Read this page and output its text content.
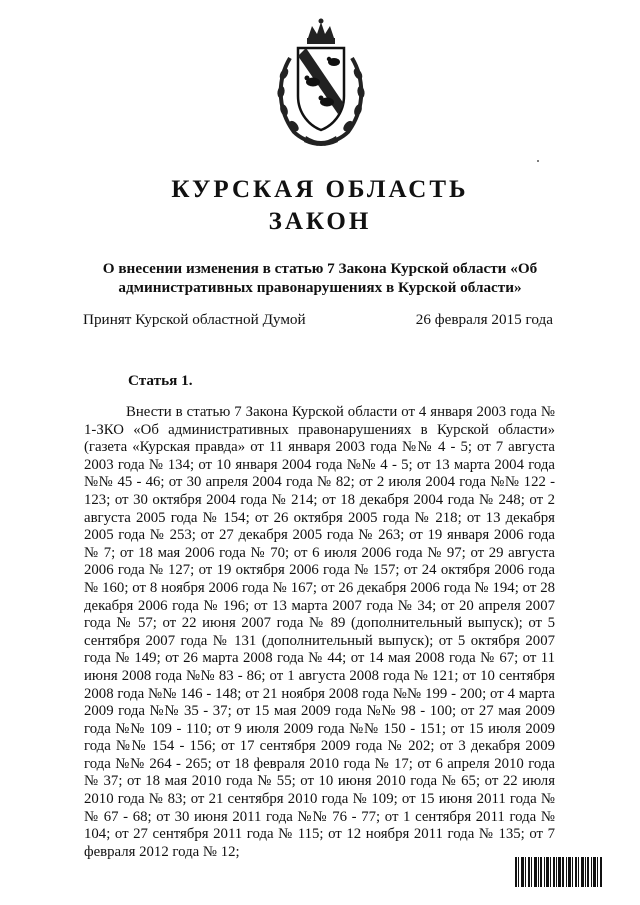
КУРСКАЯ ОБЛАСТЬ
ЗАКОН

О внесении изменения в статью 7 Закона Курской области «Об административных правонарушениях в Курской области»

Принят Курской областной Думой	26 февраля 2015 года
Статья 1.

Внести в статью 7 Закона Курской области от 4 января 2003 года № 1-ЗКО «Об административных правонарушениях в Курской области» (газета «Курская правда» от 11 января 2003 года №№ 4 - 5; от 7 августа 2003 года № 134; от 10 января 2004 года №№ 4 - 5; от 13 марта 2004 года №№ 45 - 46; от 30 апреля 2004 года № 82; от 2 июля 2004 года №№ 122 - 123; от 30 октября 2004 года № 214; от 18 декабря 2004 года № 248; от 2 августа 2005 года № 154; от 26 октября 2005 года № 218; от 13 декабря 2005 года № 253; от 27 декабря 2005 года № 263; от 19 января 2006 года № 7; от 18 мая 2006 года № 70; от 6 июля 2006 года № 97; от 29 августа 2006 года № 127; от 19 октября 2006 года № 157; от 24 октября 2006 года № 160; от 8 ноября 2006 года № 167; от 26 декабря 2006 года № 194; от 28 декабря 2006 года № 196; от 13 марта 2007 года № 34; от 20 апреля 2007 года № 57; от 22 июня 2007 года № 89 (дополнительный выпуск); от 5 сентября 2007 года № 131 (дополнительный выпуск); от 5 октября 2007 года № 149; от 26 марта 2008 года № 44; от 14 мая 2008 года № 67; от 11 июня 2008 года №№ 83 - 86; от 1 августа 2008 года № 121; от 10 сентября 2008 года №№ 146 - 148; от 21 ноября 2008 года №№ 199 - 200; от 4 марта 2009 года №№ 35 - 37; от 15 мая 2009 года №№ 98 - 100; от 27 мая 2009 года №№ 109 - 110; от 9 июля 2009 года №№ 150 - 151; от 15 июля 2009 года №№ 154 - 156; от 17 сентября 2009 года № 202; от 3 декабря 2009 года №№ 264 - 265; от 18 февраля 2010 года № 17; от 6 апреля 2010 года № 37; от 18 мая 2010 года № 55; от 10 июня 2010 года № 65; от 22 июля 2010 года № 83; от 21 сентября 2010 года № 109; от 15 июня 2011 года №№ 67 - 68; от 30 июня 2011 года №№ 76 - 77; от 1 сентября 2011 года № 104; от 27 сентября 2011 года № 115; от 12 ноября 2011 года № 135; от 7 февраля 2012 года № 12;
